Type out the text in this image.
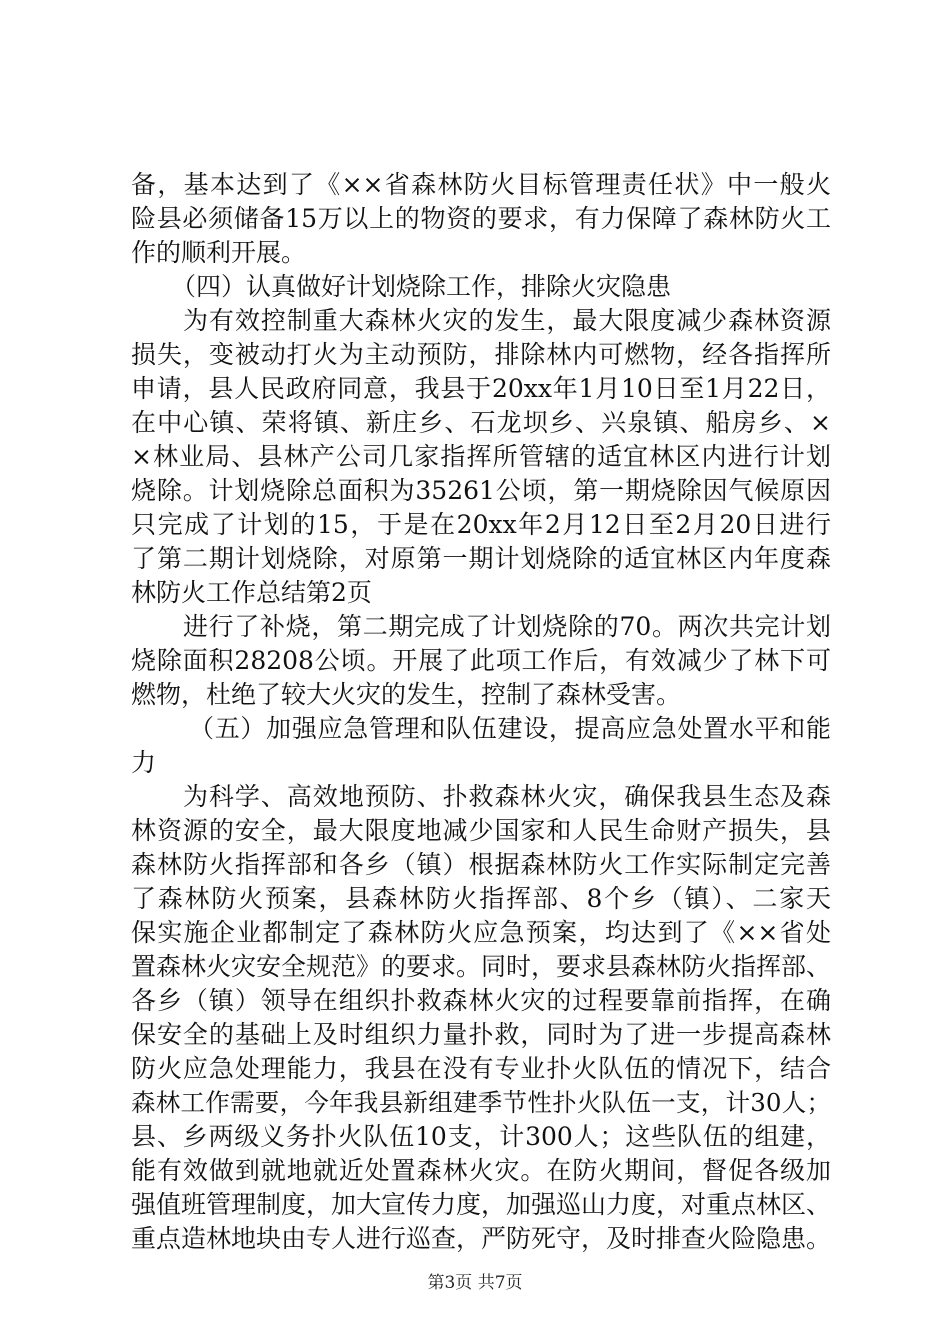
备，基本达到了《××省森林防火目标管理责任状》中一般火
险县必须储备15万以上的物资的要求，有力保障了森林防火工
作的顺利开展。
（四）认真做好计划烧除工作，排除火灾隐患
为有效控制重大森林火灾的发生，最大限度减少森林资源
损失，变被动打火为主动预防，排除林内可燃物，经各指挥所
申请，县人民政府同意，我县于20xx年1月10日至1月22日，
在中心镇、荣将镇、新庄乡、石龙坝乡、兴泉镇、船房乡、×
×林业局、县林产公司几家指挥所管辖的适宜林区内进行计划
烧除。计划烧除总面积为35261公顷，第一期烧除因气候原因
只完成了计划的15，于是在20xx年2月12日至2月20日进行
了第二期计划烧除，对原第一期计划烧除的适宜林区内年度森
林防火工作总结第2页
进行了补烧，第二期完成了计划烧除的70。两次共完计划
烧除面积28208公顷。开展了此项工作后，有效减少了林下可
燃物，杜绝了较大火灾的发生，控制了森林受害。
（五）加强应急管理和队伍建设，提高应急处置水平和能
力
为科学、高效地预防、扑救森林火灾，确保我县生态及森
林资源的安全，最大限度地减少国家和人民生命财产损失，县
森林防火指挥部和各乡（镇）根据森林防火工作实际制定完善
了森林防火预案，县森林防火指挥部、8个乡（镇）、二家天
保实施企业都制定了森林防火应急预案，均达到了《××省处
置森林火灾安全规范》的要求。同时，要求县森林防火指挥部、
各乡（镇）领导在组织扑救森林火灾的过程要靠前指挥，在确
保安全的基础上及时组织力量扑救，同时为了进一步提高森林
防火应急处理能力，我县在没有专业扑火队伍的情况下，结合
森林工作需要，今年我县新组建季节性扑火队伍一支，计30人；
县、乡两级义务扑火队伍10支，计300人；这些队伍的组建，
能有效做到就地就近处置森林火灾。在防火期间，督促各级加
强值班管理制度，加大宣传力度，加强巡山力度，对重点林区、
重点造林地块由专人进行巡查，严防死守，及时排查火险隐患。
第3页 共7页
